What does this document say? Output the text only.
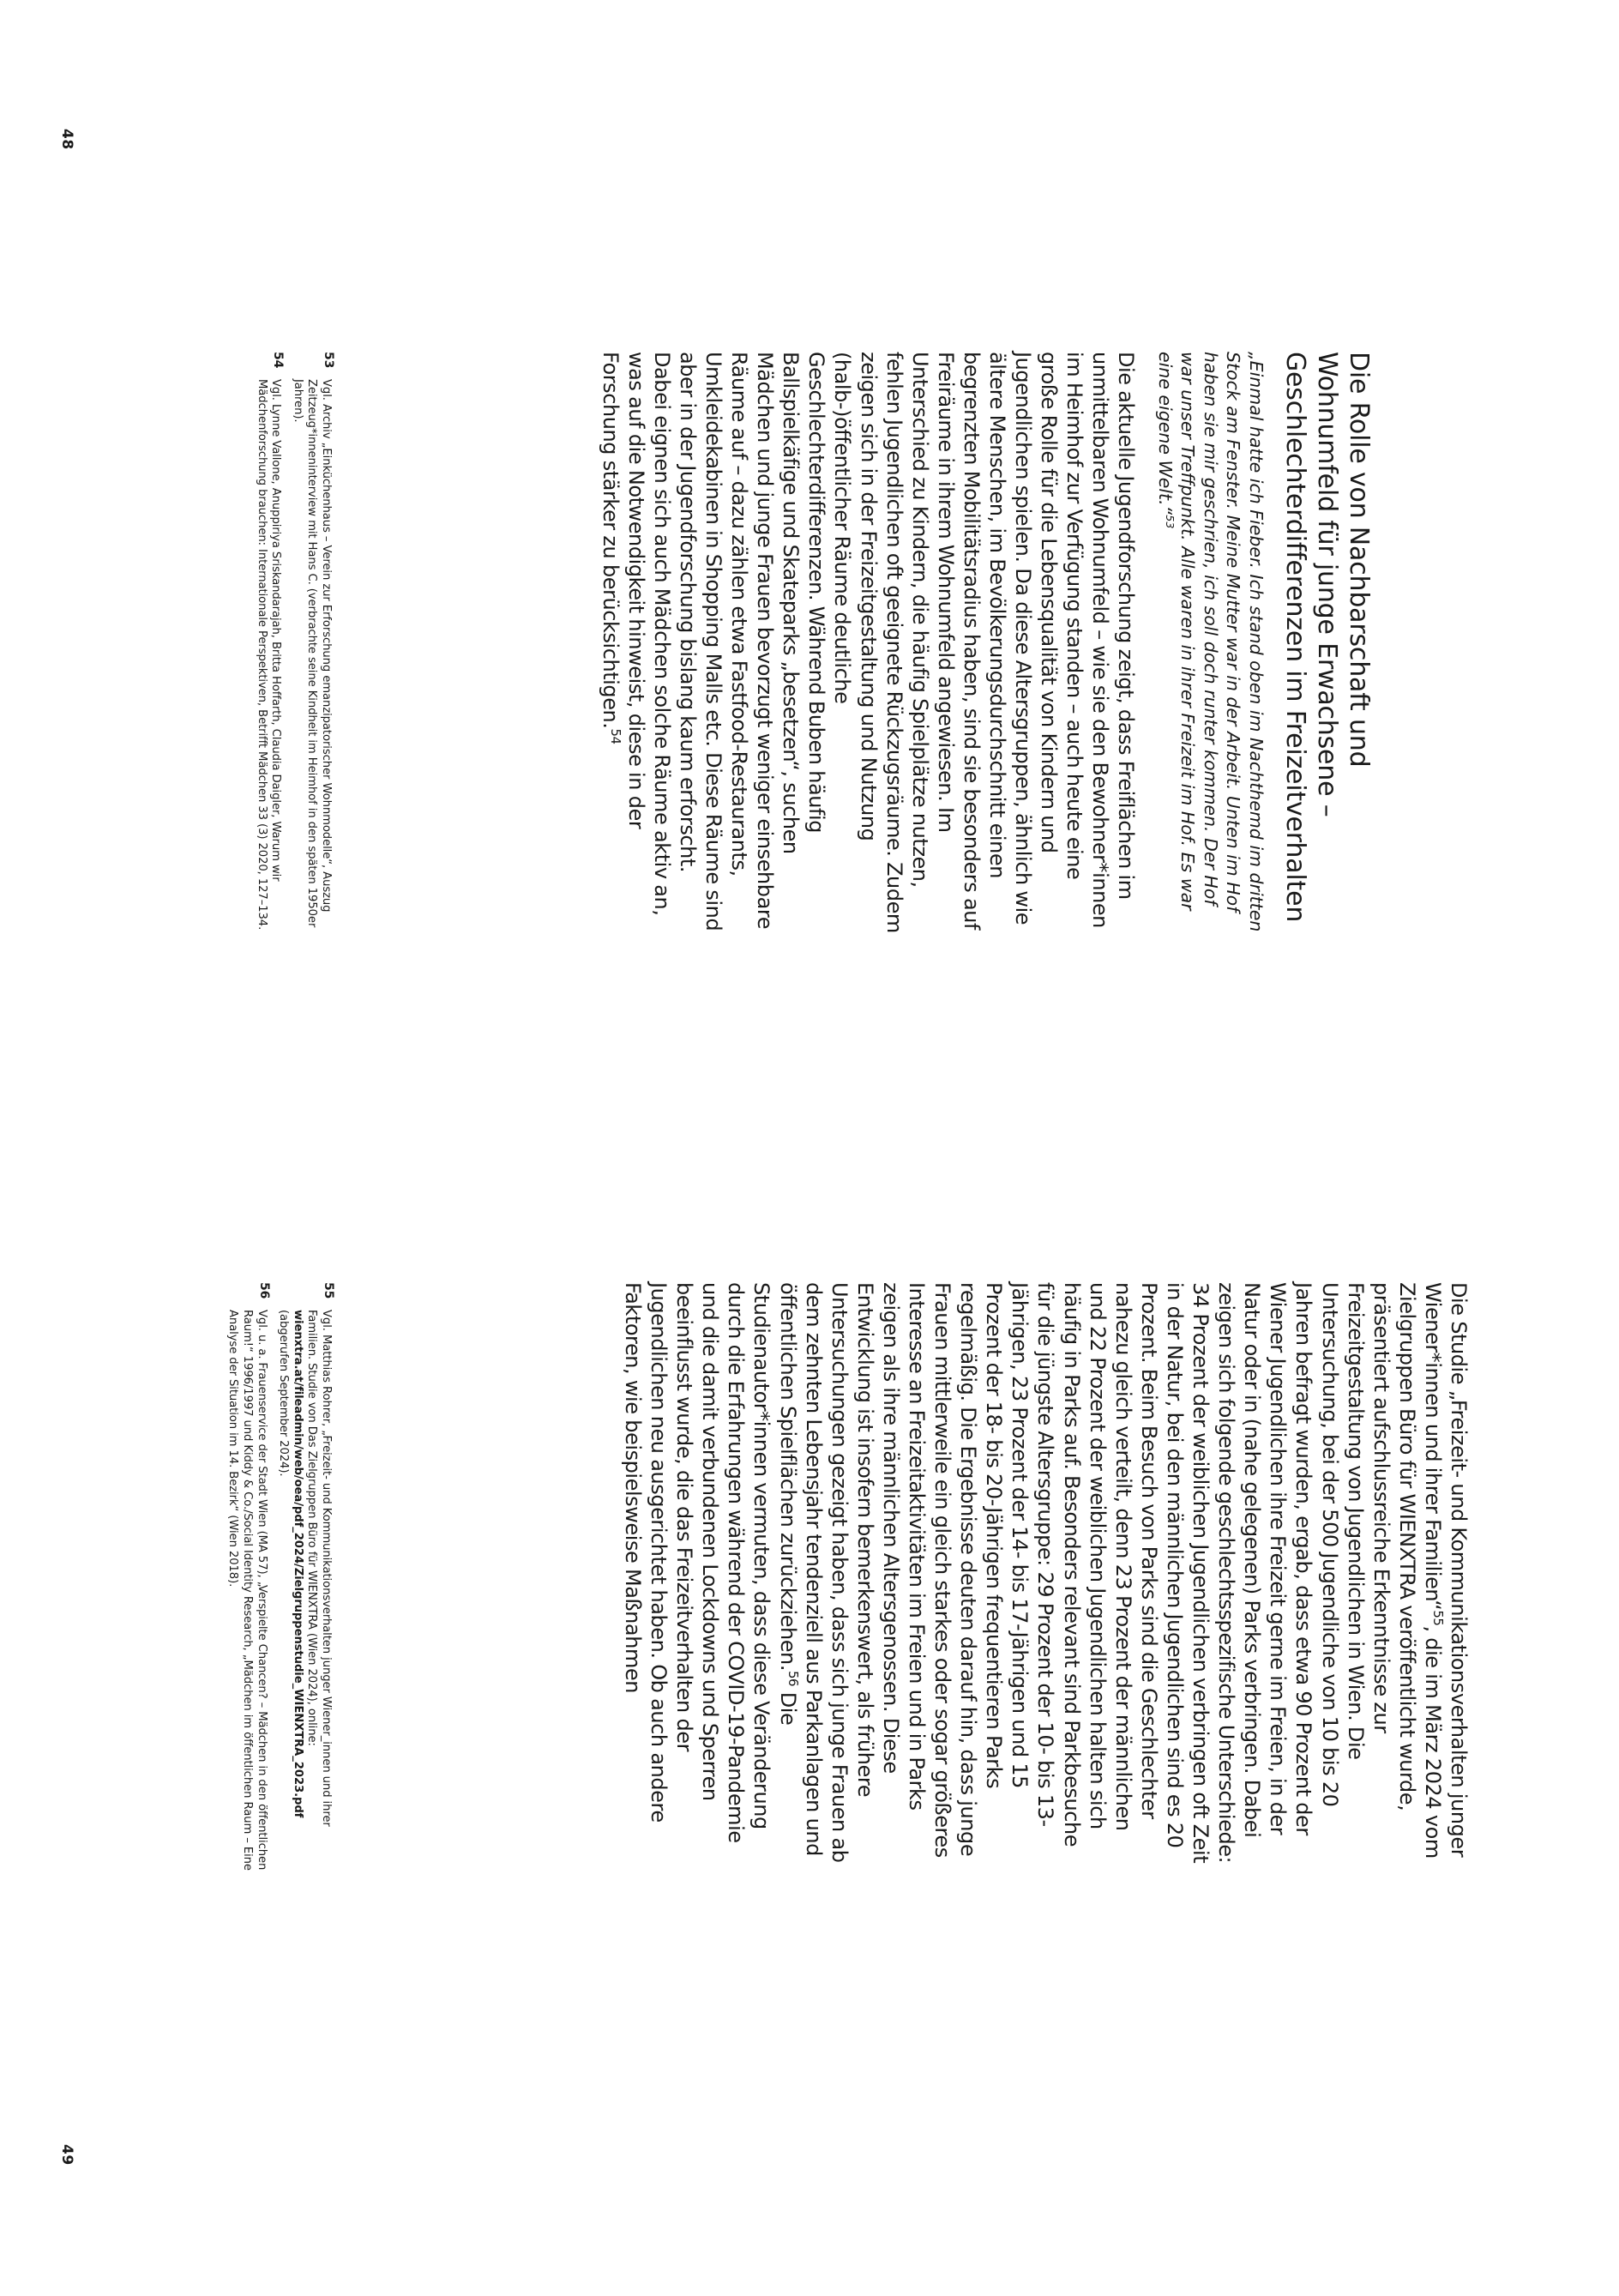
48
49
Die Rolle von Nachbarschaft und Wohnumfeld für junge Erwachsene – Geschlechterdifferenzen im Freizeitverhalten

„Einmal hatte ich Fieber. Ich stand oben im Nachthemd im dritten Stock am Fenster. Meine Mutter war in der Arbeit. Unten im Hof haben sie mir geschrien, ich soll doch runter kommen. Der Hof war unser Treffpunkt. Alle waren in ihrer Freizeit im Hof. Es war eine eigene Welt.“$^{53}$

Die aktuelle Jugendforschung zeigt, dass Freiflächen im unmittelbaren Wohnumfeld – wie sie den Bewohner*innen im Heimhof zur Verfügung standen – auch heute eine große Rolle für die Lebensqualität von Kindern und Jugendlichen spielen. Da diese Altersgruppen, ähnlich wie ältere Menschen, im Bevölkerungsdurchschnitt einen begrenzten Mobilitätsradius haben, sind sie besonders auf Freiräume in ihrem Wohnumfeld angewiesen. Im Unterschied zu Kindern, die häufig Spielplätze nutzen, fehlen Jugendlichen oft geeignete Rückzugsräume. Zudem zeigen sich in der Freizeitgestaltung und Nutzung (halb-)öffentlicher Räume deutliche Geschlechterdifferenzen. Während Buben häufig Ballspielkäfige und Skateparks „besetzen“, suchen Mädchen und junge Frauen bevorzugt weniger einsehbare Räume auf – dazu zählen etwa Fastfood-Restaurants, Umkleidekabinen in Shopping Malls etc. Diese Räume sind aber in der Jugendforschung bislang kaum erforscht. Dabei eignen sich auch Mädchen solche Räume aktiv an, was auf die Notwendigkeit hinweist, diese in der Forschung stärker zu berücksichtigen.$^{54}$

53
Vgl. Archiv „Einküchenhaus – Verein zur Erforschung emanzipatorischer Wohnmodelle“, Auszug Zeitzeug*inneninterview mit Hans C. (verbrachte seine Kindheit im Heimhof in den späten 1950er Jahren).
54
Vgl. Lynne Vallone, Anuppiriya Sriskandarajah, Britta Hoffarth, Claudia Daigler, Warum wir Mädchenforschung brauchen: Internationale Perspektiven, Betrifft Mädchen 33 (3) 2020, 127–134.

Die Studie „Freizeit- und Kommunikationsverhalten junger Wiener*innen und ihrer Familien“$^{55}$, die im März 2024 vom Zielgruppen Büro für WIENXTRA veröffentlicht wurde, präsentiert aufschlussreiche Erkenntnisse zur Freizeitgestaltung von Jugendlichen in Wien. Die Untersuchung, bei der 500 Jugendliche von 10 bis 20 Jahren befragt wurden, ergab, dass etwa 90 Prozent der Wiener Jugendlichen ihre Freizeit gerne im Freien, in der Natur oder in (nahe gelegenen) Parks verbringen. Dabei zeigen sich folgende geschlechtsspezifische Unterschiede: 34 Prozent der weiblichen Jugendlichen verbringen oft Zeit in der Natur, bei den männlichen Jugendlichen sind es 20 Prozent. Beim Besuch von Parks sind die Geschlechter nahezu gleich verteilt, denn 23 Prozent der männlichen und 22 Prozent der weiblichen Jugendlichen halten sich häufig in Parks auf. Besonders relevant sind Parkbesuche für die jüngste Altersgruppe: 29 Prozent der 10- bis 13-Jährigen, 23 Prozent der 14- bis 17-Jährigen und 15 Prozent der 18- bis 20-Jährigen frequentieren Parks regelmäßig. Die Ergebnisse deuten darauf hin, dass junge Frauen mittlerweile ein gleich starkes oder sogar größeres Interesse an Freizeitaktivitäten im Freien und in Parks zeigen als ihre männlichen Altersgenossen. Diese Entwicklung ist insofern bemerkenswert, als frühere Untersuchungen gezeigt haben, dass sich junge Frauen ab dem zehnten Lebensjahr tendenziell aus Parkanlagen und öffentlichen Spielflächen zurückziehen.$^{56}$ Die Studienautor*innen vermuten, dass diese Veränderung durch die Erfahrungen während der COVID-19-Pandemie und die damit verbundenen Lockdowns und Sperren beeinflusst wurde, die das Freizeitverhalten der Jugendlichen neu ausgerichtet haben. Ob auch andere Faktoren, wie beispielsweise Maßnahmen

55
Vgl. Matthias Rohrer, „Freizeit- und Kommunikationsverhalten junger Wiener_innen und ihrer Familien. Studie von Das Zielgruppen Büro für WIENXTRA (Wien 2024), online: wienxtra.at/fileadmin/web/oea/pdf_2024/Zielgruppenstudie_WIENXTRA_2023.pdf (abgerufen September 2024).
56
Vgl. u. a. Frauenservice der Stadt Wien (MA 57), „Verspielte Chancen? – Mädchen in den öffentlichen Raum!“ 1996/1997 und Kiddy & Co./Social Identity Research, „Mädchen im öffentlichen Raum – Eine Analyse der Situation im 14. Bezirk“ (Wien 2018).
